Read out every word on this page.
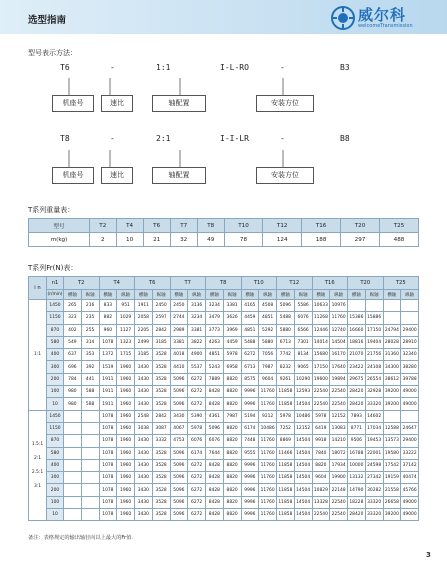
选型指南	威尔科
welcomeTransmission
型号表示方法：
T6	-	1:1	I-L-RO	-	B3
机座号	速比	轴配置	安装方位
T8	-	2:1	I-I-LR	-	B8
机座号	速比	轴配置	安装方位
T系列重量表：
型号	T2	T4	T6	T7	T8	T10	T12	T16	T20	T25
m(kg)	2	10	21	32	49	78	124	188	297	488
T系列Fr(N)表：
i n	n1	T2		T4		T6		T7		T8		T10		T12		T16		T20		T25	
	(r/min)	横轴	纵轴	横轴	纵轴	横轴	纵轴	横轴	纵轴	横轴	纵轴	横轴	纵轴	横轴	纵轴	横轴	纵轴	横轴	纵轴	横轴	纵轴
1:1	1450	265	216	833	951	1911	2450	2450	3136	3234	3381	4165	4508	5096	5586	10633	10976				
	1150	323	235	882	1029	2058	2597	2744	3234	3479	3626	4459	4851	5488	6076	11268	11760	15386	15886		
	870	402	255	960	1127	2205	2842	2989	3381	3773	3969	4851	5292	5880	6566	12446	12740	16660	17150	24794	29400
	580	549	314	1078	1323	2499	3185	3381	3822	4263	4459	5488	5880	6713	7301	14014	14504	18816	19404	28028	28910
	400	637	353	1372	1715	3185	3528	4018	4900	4851	5978	6272	7056	7742	8134	15680	16170	21070	21756	31360	32340
	300	696	392	1519	1960	3430	3528	4410	5537	5243	6958	6713	7987	8232	9065	17150	17640	23422	24108	34300	38280
	200	784	441	1911	1960	3430	3528	5096	6272	7889	8820	8575	9604	9261	10290	19600	19894	29675	26554	38612	39788
	100	980	588	1911	1960	3430	3528	5096	6272	8428	8820	9996	11760	11858	12593	22540	22540	28420	32928	39200	49000
	10	980	588	1911	1960	3430	3528	5096	6272	8428	8820	9996	11760	11858	14504	22540	22540	28420	33320	39200	49000
1.5:1
2:1
2.5:1
3:1	1450			1078	1960	2548	2842	3430	5390	4361	7987	5194	9212	5978	10486	5978	12152	7893	14602		
	1150			1078	1960	3038	3087	4067	5978	5096	8820	6174	10486	7252	12152	6419	13083	8771	17034	12588	24647
	870			1078	1960	3430	3332	4753	6076	6076	8820	7448	11760	8869	14504	9918	14210	9506	19453	13573	29400
	580			1078	1960	3430	3528	5096	6174	7644	8820	9555	11760	11466	14504	7840	18072	16788	22001	19580	33222
	400			1078	1960	3430	3528	5096	6272	8428	8820	9996	11760	11858	14504	8820	17934	10000	24598	17542	37142
	300			1078	1960	3430	3528	5096	6272	8428	8820	9996	11760	11858	14504	9604	19900	13132	27342	19159	40474
	200			1078	1960	3430	3528	5096	6272	8428	8820	9996	11760	11858	14504	10829	22148	14790	30282	21558	45766
	100			1078	1960	3430	3528	5096	6272	8428	8820	9996	11760	11858	14504	13328	22540	18228	33320	26658	49000
	10			1078	1960	3430	3528	5096	6272	8428	8820	9996	11760	11858	14504	22540	22540	28420	33320	39200	49000
备注：表格规定的输出轴径向以上最大的Fr值.
3
